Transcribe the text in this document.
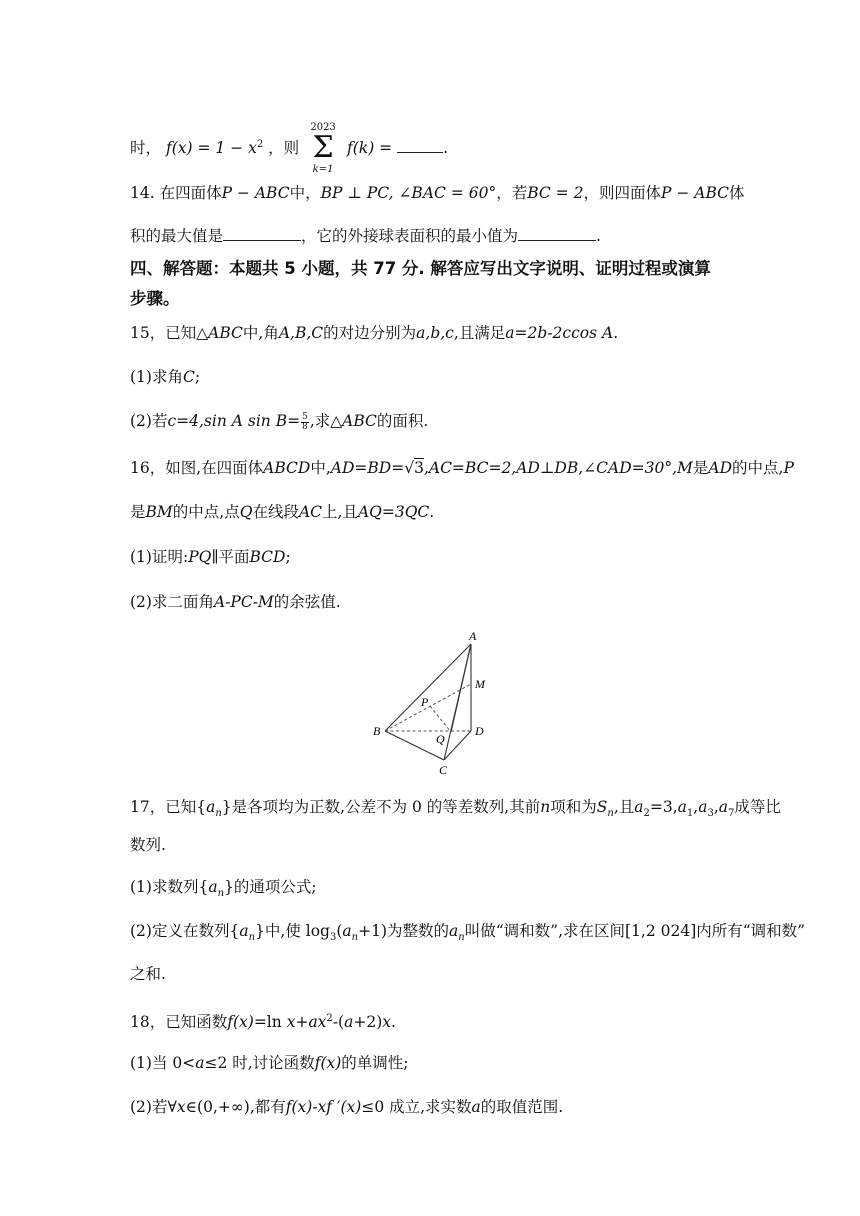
时， $f(x) = 1 - x^2$ ，则
2023
Σ
k=1
f(k) =	.
14. 在四面体P − ABC中，BP ⊥ PC, ∠BAC = 60°，若BC = 2，则四面体P − ABC体
积的最大值是	，它的外接球表面积的最小值为	.
四、解答题：本题共 5 小题，共 77 分. 解答应写出文字说明、证明过程或演算
步骤。
15，已知△ABC中,角A,B,C的对边分别为a,b,c,且满足a=2b-2ccos A.
(1)求角C;
(2)若c=4,sin A $\sin B= \frac{5}{8}$ ,求△ABC的面积.
16，如图,在四面体ABCD中,AD=BD=√3,AC=BC=2,AD⊥DB,∠CAD=30°,M是AD的中点,P
是BM的中点,点Q在线段AC上,且AQ=3QC.
(1)证明:PQ∥平面BCD;
(2)求二面角A-PC-M的余弦值.
A
B
C
D
M
P
Q
17，已知$\{a_n\}$是各项均为正数,公差不为 0 的等差数列,其前n项和为$S_n$,且$a_2=3,a_1,a_3,a_7$成等比
数列.
(1)求数列$\{a_n\}$的通项公式;
(2)定义在数列$\{a_n\}$中,使 $\log_3(a_n+1)$为整数的$a_n$叫做“调和数”,求在区间[1,2 024]内所有“调和数”
之和.
18，已知函数f(x)=ln $x+ax^2-(a+2)x$.
(1)当 0<a≤2 时,讨论函数f(x)的单调性;
(2)若∀x∈(0,+∞),都有f(x)-xf ′(x)≤0 成立,求实数a的取值范围.
